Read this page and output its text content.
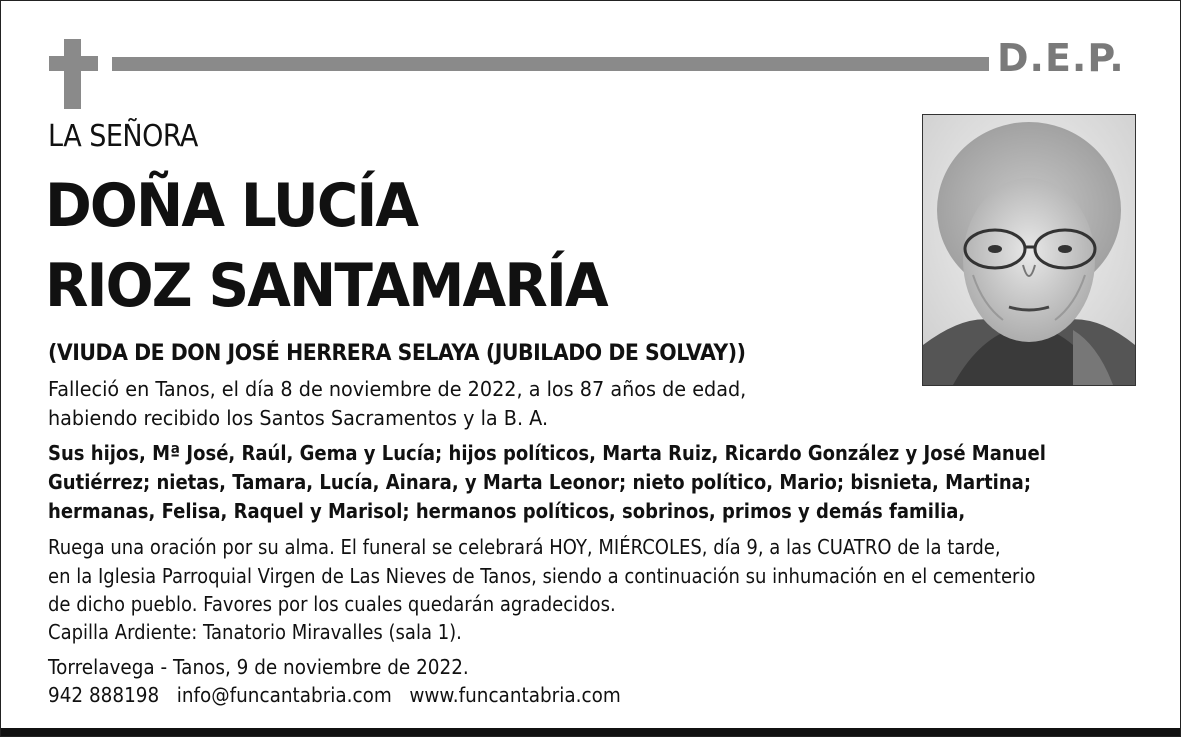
D.E.P.
LA SEÑORA
DOÑA LUCÍA
RIOZ SANTAMARÍA
(VIUDA DE DON JOSÉ HERRERA SELAYA (JUBILADO DE SOLVAY))
Falleció en Tanos, el día 8 de noviembre de 2022, a los 87 años de edad,
habiendo recibido los Santos Sacramentos y la B. A.
Sus hijos, Mª José, Raúl, Gema y Lucía; hijos políticos, Marta Ruiz, Ricardo González y José Manuel
Gutiérrez; nietas, Tamara, Lucía, Ainara, y Marta Leonor; nieto político, Mario; bisnieta, Martina;
hermanas, Felisa, Raquel y Marisol; hermanos políticos, sobrinos, primos y demás familia,
Ruega una oración por su alma. El funeral se celebrará HOY, MIÉRCOLES, día 9, a las CUATRO de la tarde,
en la Iglesia Parroquial Virgen de Las Nieves de Tanos, siendo a continuación su inhumación en el cementerio
de dicho pueblo. Favores por los cuales quedarán agradecidos.
Capilla Ardiente: Tanatorio Miravalles (sala 1).
Torrelavega - Tanos, 9 de noviembre de 2022.
942 888198   info@funcantabria.com   www.funcantabria.com
